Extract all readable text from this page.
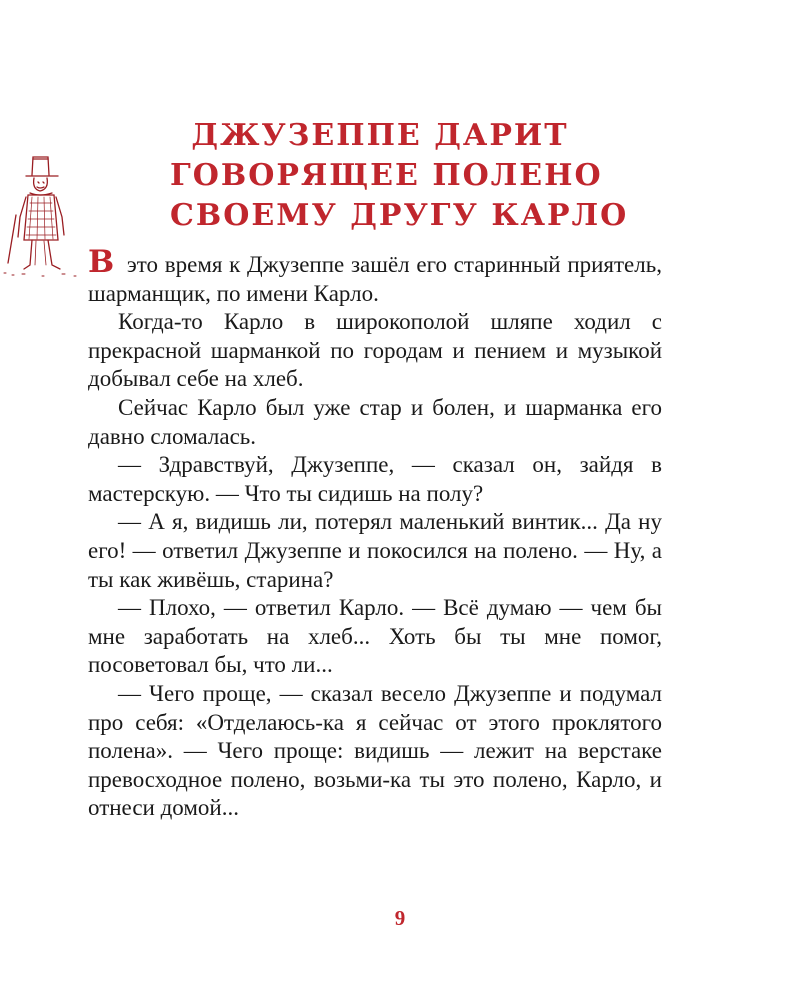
ДЖУЗЕППЕ ДАРИТ
ГОВОРЯЩЕЕ ПОЛЕНО
СВОЕМУ ДРУГУ КАРЛО

В это время к Джузеппе зашёл его старинный приятель, шарманщик, по имени Карло.

Когда-то Карло в широкополой шляпе ходил с прекрасной шарманкой по городам и пением и музыкой добывал себе на хлеб.

Сейчас Карло был уже стар и болен, и шарманка его давно сломалась.

— Здравствуй, Джузеппе, — сказал он, зайдя в мастерскую. — Что ты сидишь на полу?

— А я, видишь ли, потерял маленький винтик... Да ну его! — ответил Джузеппе и покосился на полено. — Ну, а ты как живёшь, старина?

— Плохо, — ответил Карло. — Всё думаю — чем бы мне заработать на хлеб... Хоть бы ты мне помог, посоветовал бы, что ли...

— Чего проще, — сказал весело Джузеппе и подумал про себя: «Отделаюсь-ка я сейчас от этого проклятого полена». — Чего проще: видишь — лежит на верстаке превосходное полено, возьми-ка ты это полено, Карло, и отнеси домой...

9
